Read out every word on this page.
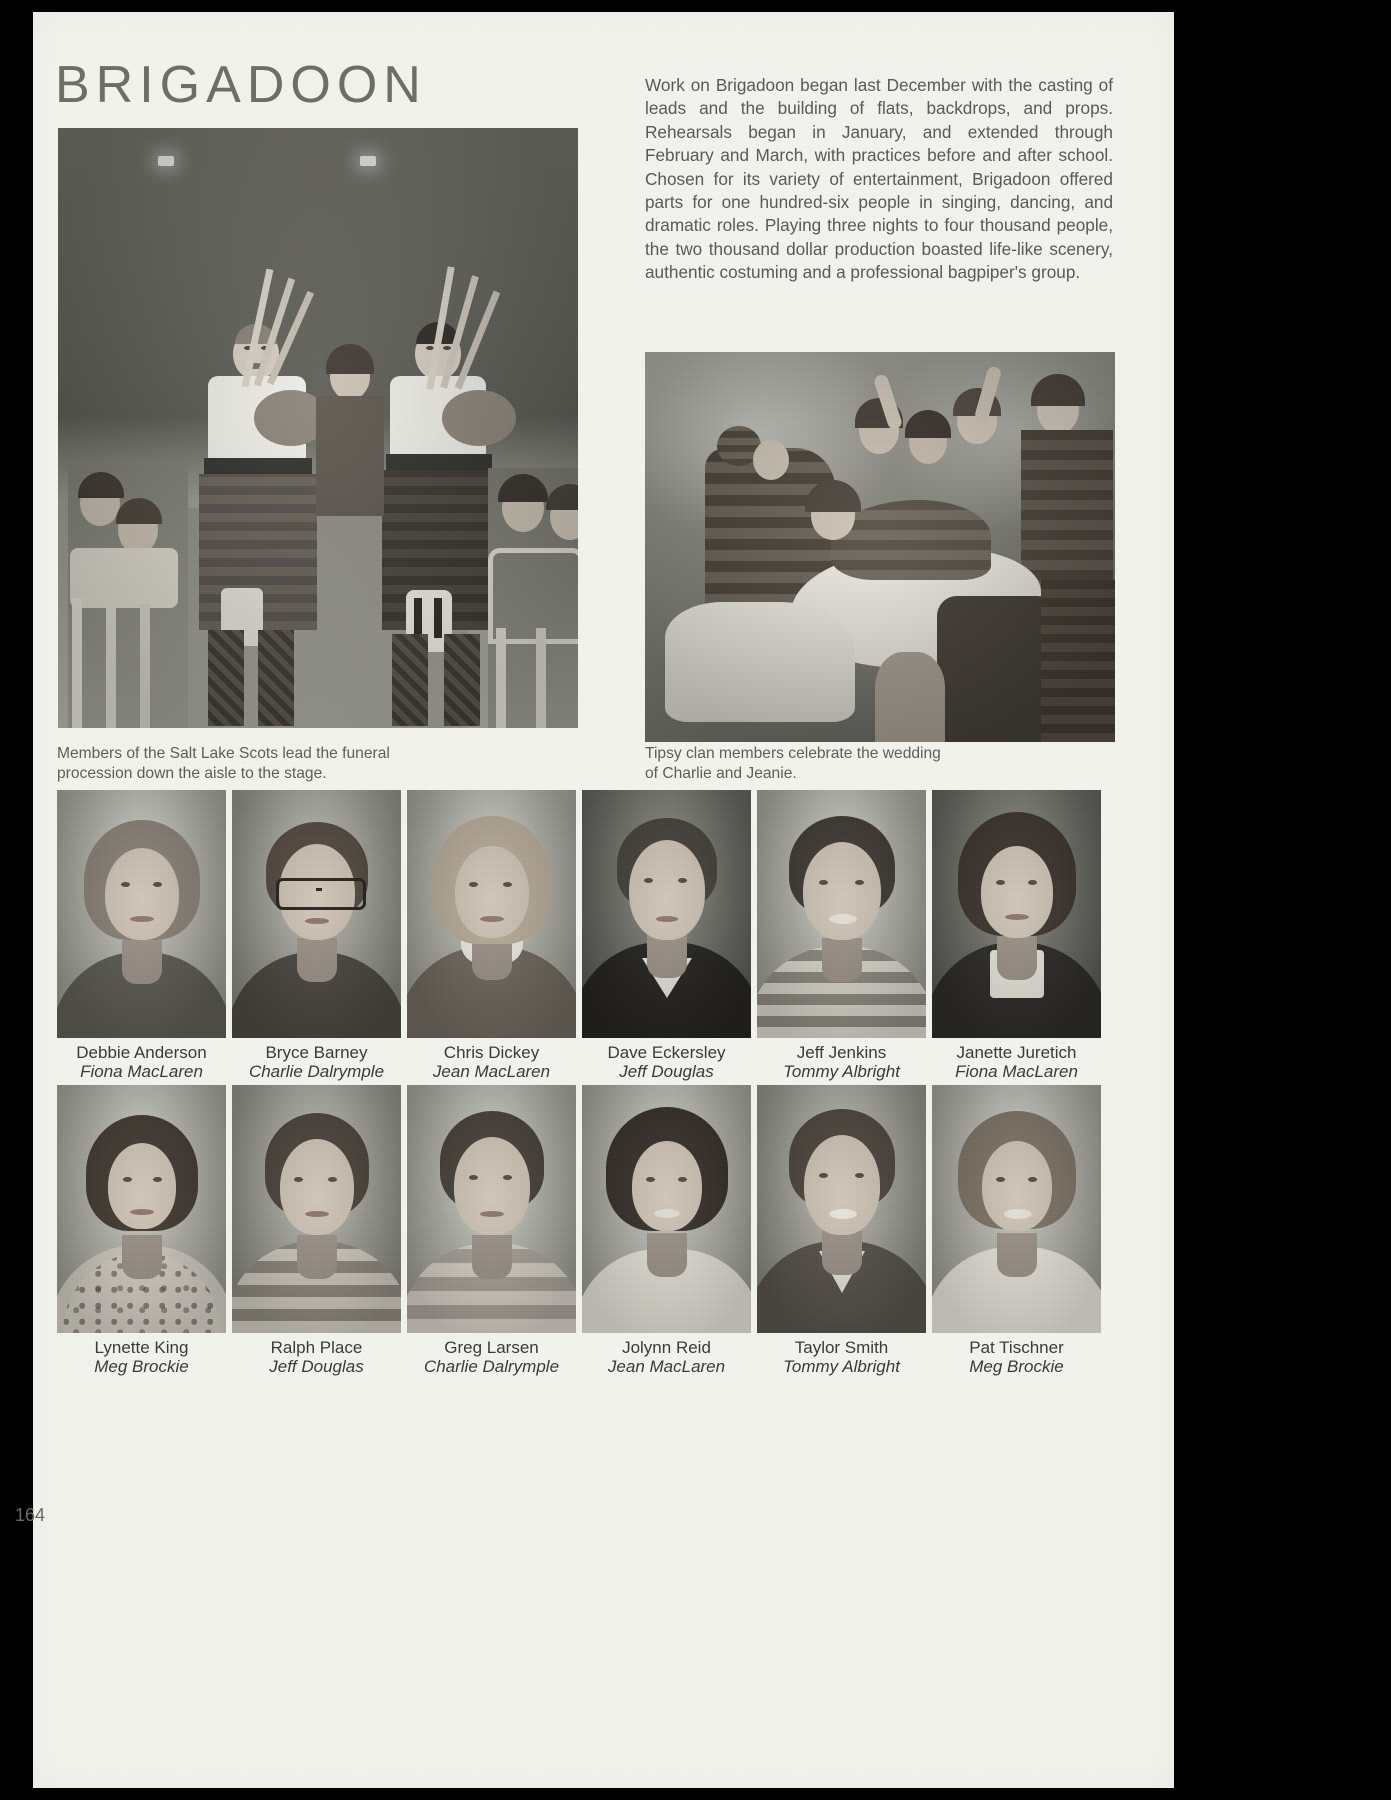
BRIGADOON	Work on Brigadoon began last December with the casting of leads and the building of flats, backdrops, and props. Rehearsals began in January, and extended through February and March, with practices before and after school. Chosen for its variety of entertainment, Brigadoon offered parts for one hundred-six people in singing, dancing, and dramatic roles. Playing three nights to four thousand people, the two thousand dollar production boasted life-like scenery, authentic costuming and a professional bagpiper's group.
Members of the Salt Lake Scots lead the funeral procession down the aisle to the stage.
Tipsy clan members celebrate the wedding of Charlie and Jeanie.
Debbie Anderson
Fiona MacLaren
Bryce Barney
Charlie Dalrymple
Chris Dickey
Jean MacLaren
Dave Eckersley
Jeff Douglas
Jeff Jenkins
Tommy Albright
Janette Juretich
Fiona MacLaren
Lynette King
Meg Brockie
Ralph Place
Jeff Douglas
Greg Larsen
Charlie Dalrymple
Jolynn Reid
Jean MacLaren
Taylor Smith
Tommy Albright
Pat Tischner
Meg Brockie
164
